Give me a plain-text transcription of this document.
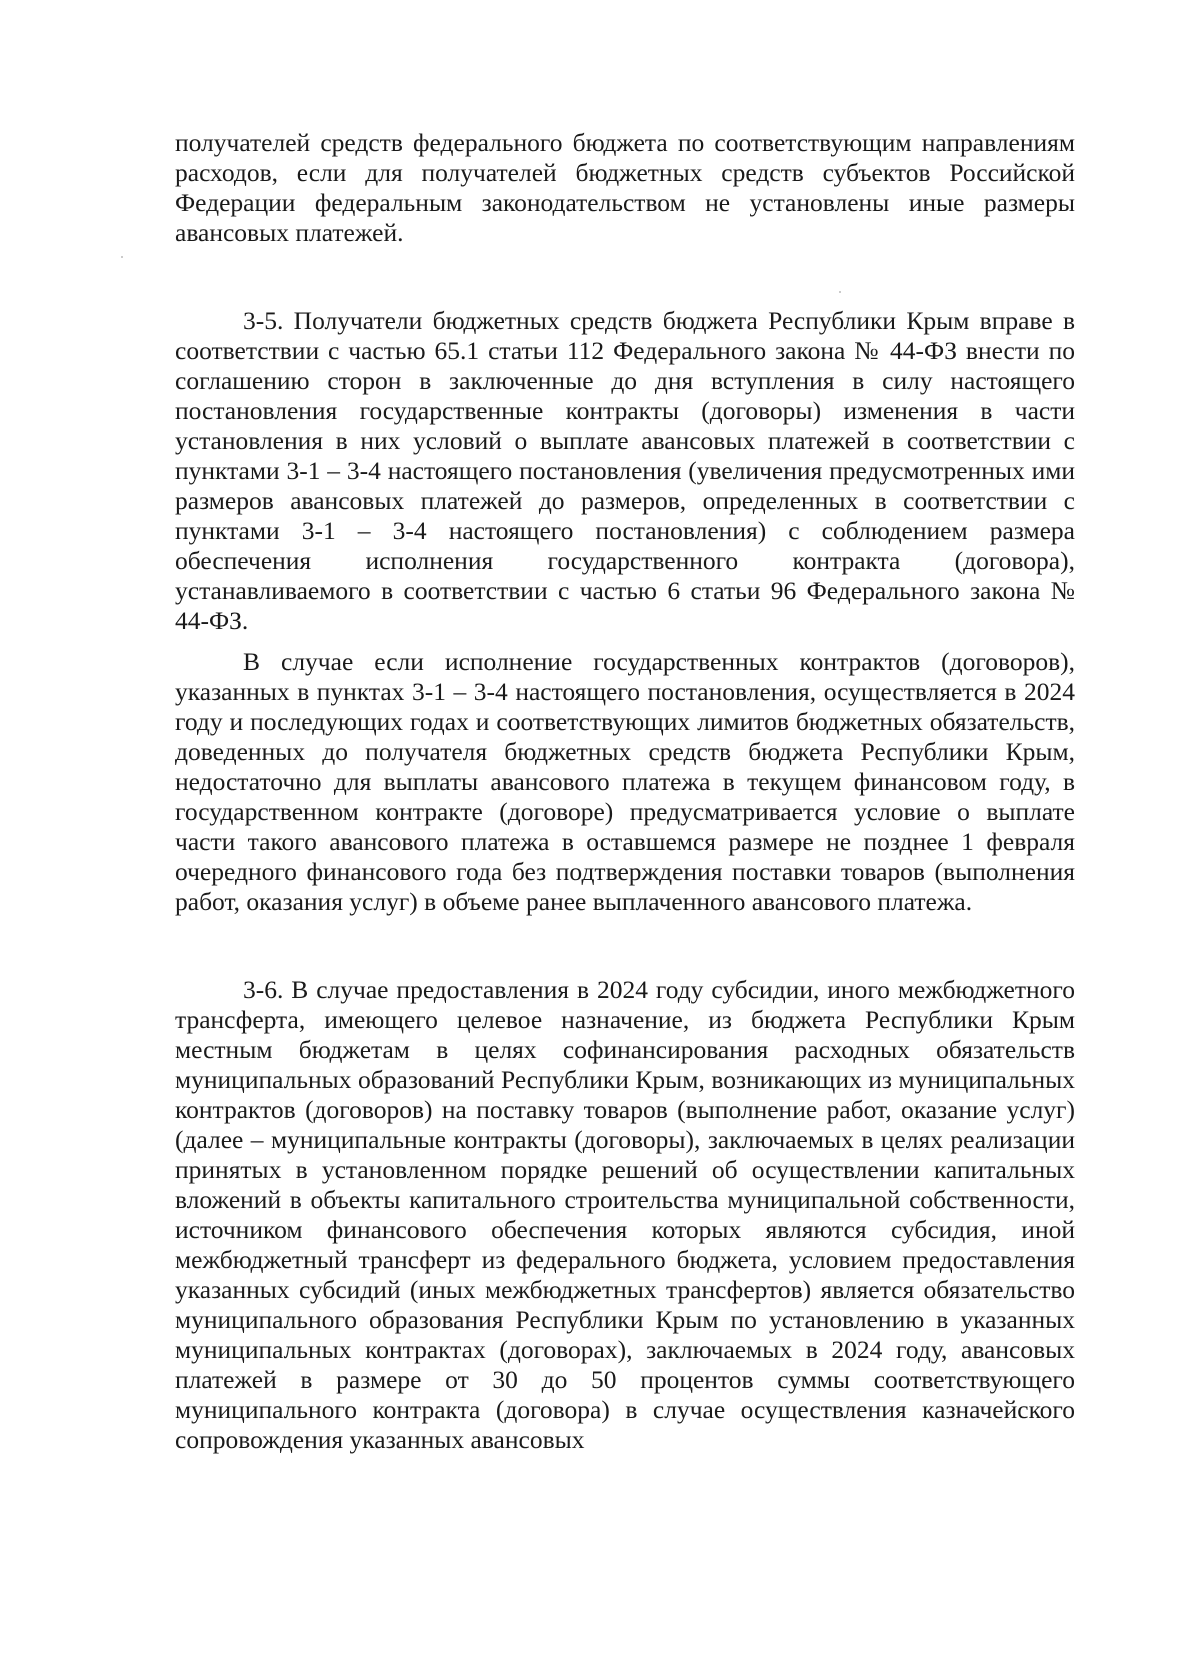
получателей средств федерального бюджета по соответствующим направлениям расходов, если для получателей бюджетных средств субъектов Российской Федерации федеральным законодательством не установлены иные размеры авансовых платежей.

3-5. Получатели бюджетных средств бюджета Республики Крым вправе в соответствии с частью 65.1 статьи 112 Федерального закона № 44-ФЗ внести по соглашению сторон в заключенные до дня вступления в силу настоящего постановления государственные контракты (договоры) изменения в части установления в них условий о выплате авансовых платежей в соответствии с пунктами 3-1 – 3-4 настоящего постановления (увеличения предусмотренных ими размеров авансовых платежей до размеров, определенных в соответствии с пунктами 3-1 – 3-4 настоящего постановления) с соблюдением размера обеспечения исполнения государственного контракта (договора), устанавливаемого в соответствии с частью 6 статьи 96 Федерального закона № 44-ФЗ.

В случае если исполнение государственных контрактов (договоров), указанных в пунктах 3-1 – 3-4 настоящего постановления, осуществляется в 2024 году и последующих годах и соответствующих лимитов бюджетных обязательств, доведенных до получателя бюджетных средств бюджета Республики Крым, недостаточно для выплаты авансового платежа в текущем финансовом году, в государственном контракте (договоре) предусматривается условие о выплате части такого авансового платежа в оставшемся размере не позднее 1 февраля очередного финансового года без подтверждения поставки товаров (выполнения работ, оказания услуг) в объеме ранее выплаченного авансового платежа.

3-6. В случае предоставления в 2024 году субсидии, иного межбюджетного трансферта, имеющего целевое назначение, из бюджета Республики Крым местным бюджетам в целях софинансирования расходных обязательств муниципальных образований Республики Крым, возникающих из муниципальных контрактов (договоров) на поставку товаров (выполнение работ, оказание услуг) (далее – муниципальные контракты (договоры), заключаемых в целях реализации принятых в установленном порядке решений об осуществлении капитальных вложений в объекты капитального строительства муниципальной собственности, источником финансового обеспечения которых являются субсидия, иной межбюджетный трансферт из федерального бюджета, условием предоставления указанных субсидий (иных межбюджетных трансфертов) является обязательство муниципального образования Республики Крым по установлению в указанных муниципальных контрактах (договорах), заключаемых в 2024 году, авансовых платежей в размере от 30 до 50 процентов суммы соответствующего муниципального контракта (договора) в случае осуществления казначейского сопровождения указанных авансовых
